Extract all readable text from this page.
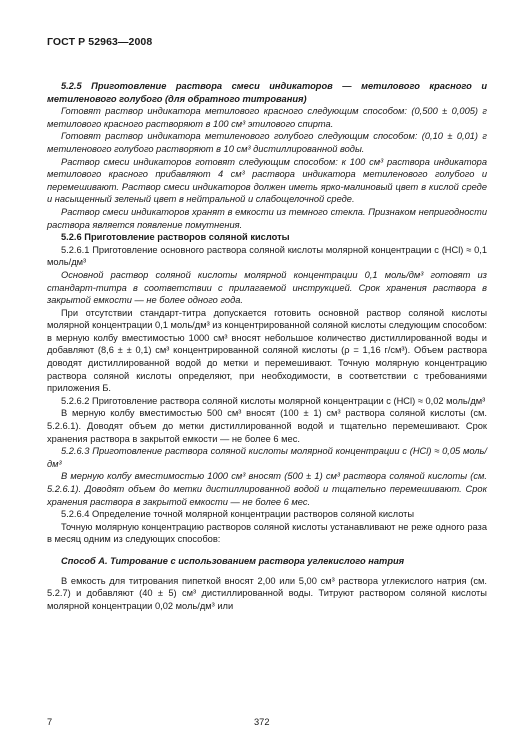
ГОСТ Р 52963—2008

5.2.5 Приготовление раствора смеси индикаторов — метилового красного и метиленового голубого (для обратного титрования)

Готовят раствор индикатора метилового красного следующим способом: (0,500 ± 0,005) г метилового красного растворяют в 100 см³ этилового спирта.

Готовят раствор индикатора метиленового голубого следующим способом: (0,10 ± 0,01) г метиленового голубого растворяют в 10 см³ дистиллированной воды.

Раствор смеси индикаторов готовят следующим способом: к 100 см³ раствора индикатора метилового красного прибавляют 4 см³ раствора индикатора метиленового голубого и перемешивают. Раствор смеси индикаторов должен иметь ярко-малиновый цвет в кислой среде и насыщенный зеленый цвет в нейтральной и слабощелочной среде.

Раствор смеси индикаторов хранят в емкости из темного стекла. Признаком непригодности раствора является появление помутнения.

5.2.6 Приготовление растворов соляной кислоты

5.2.6.1 Приготовление основного раствора соляной кислоты молярной концентрации c (HCl) ≈ 0,1 моль/дм³

Основной раствор соляной кислоты молярной концентрации 0,1 моль/дм³ готовят из стандарт-титра в соответствии с прилагаемой инструкцией. Срок хранения раствора в закрытой емкости — не более одного года.

При отсутствии стандарт-титра допускается готовить основной раствор соляной кислоты молярной концентрации 0,1 моль/дм³ из концентрированной соляной кислоты следующим способом: в мерную колбу вместимостью 1000 см³ вносят небольшое количество дистиллированной воды и добавляют (8,6 ± ± 0,1) см³ концентрированной соляной кислоты (ρ = 1,16 г/см³). Объем раствора доводят дистиллированной водой до метки и перемешивают. Точную молярную концентрацию раствора соляной кислоты определяют, при необходимости, в соответствии с требованиями приложения Б.

5.2.6.2 Приготовление раствора соляной кислоты молярной концентрации c (HCl) ≈ 0,02 моль/дм³

В мерную колбу вместимостью 500 см³ вносят (100 ± 1) см³ раствора соляной кислоты (см. 5.2.6.1). Доводят объем до метки дистиллированной водой и тщательно перемешивают. Срок хранения раствора в закрытой емкости — не более 6 мес.

5.2.6.3 Приготовление раствора соляной кислоты молярной концентрации c (HCl) ≈ 0,05 моль/дм³

В мерную колбу вместимостью 1000 см³ вносят (500 ± 1) см³ раствора соляной кислоты (см. 5.2.6.1). Доводят объем до метки дистиллированной водой и тщательно перемешивают. Срок хранения раствора в закрытой емкости — не более 6 мес.

5.2.6.4 Определение точной молярной концентрации растворов соляной кислоты

Точную молярную концентрацию растворов соляной кислоты устанавливают не реже одного раза в месяц одним из следующих способов:

Способ А. Титрование с использованием раствора углекислого натрия

В емкость для титрования пипеткой вносят 2,00 или 5,00 см³ раствора углекислого натрия (см. 5.2.7) и добавляют (40 ± 5) см³ дистиллированной воды. Титруют раствором соляной кислоты молярной концентрации 0,02 моль/дм³ или

7	372
